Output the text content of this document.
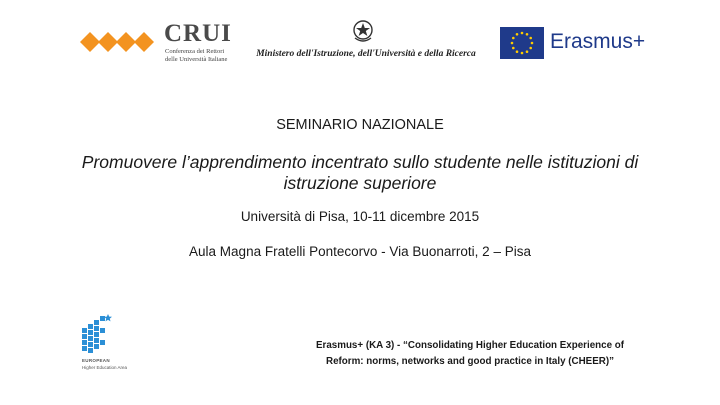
CRUI
Conferenza dei Rettori
delle Università Italiane	Ministero dell'Istruzione, dell'Università e della Ricerca
Erasmus+
SEMINARIO NAZIONALE
Promuovere l’apprendimento incentrato sullo studente nelle istituzioni di istruzione superiore
Università di Pisa, 10-11 dicembre 2015
Aula Magna Fratelli Pontecorvo - Via Buonarroti, 2 – Pisa
EUROPEAN
Higher Education Area
Erasmus+ (KA 3) - “Consolidating Higher Education Experience of
Reform: norms, networks and good practice in Italy (CHEER)”
